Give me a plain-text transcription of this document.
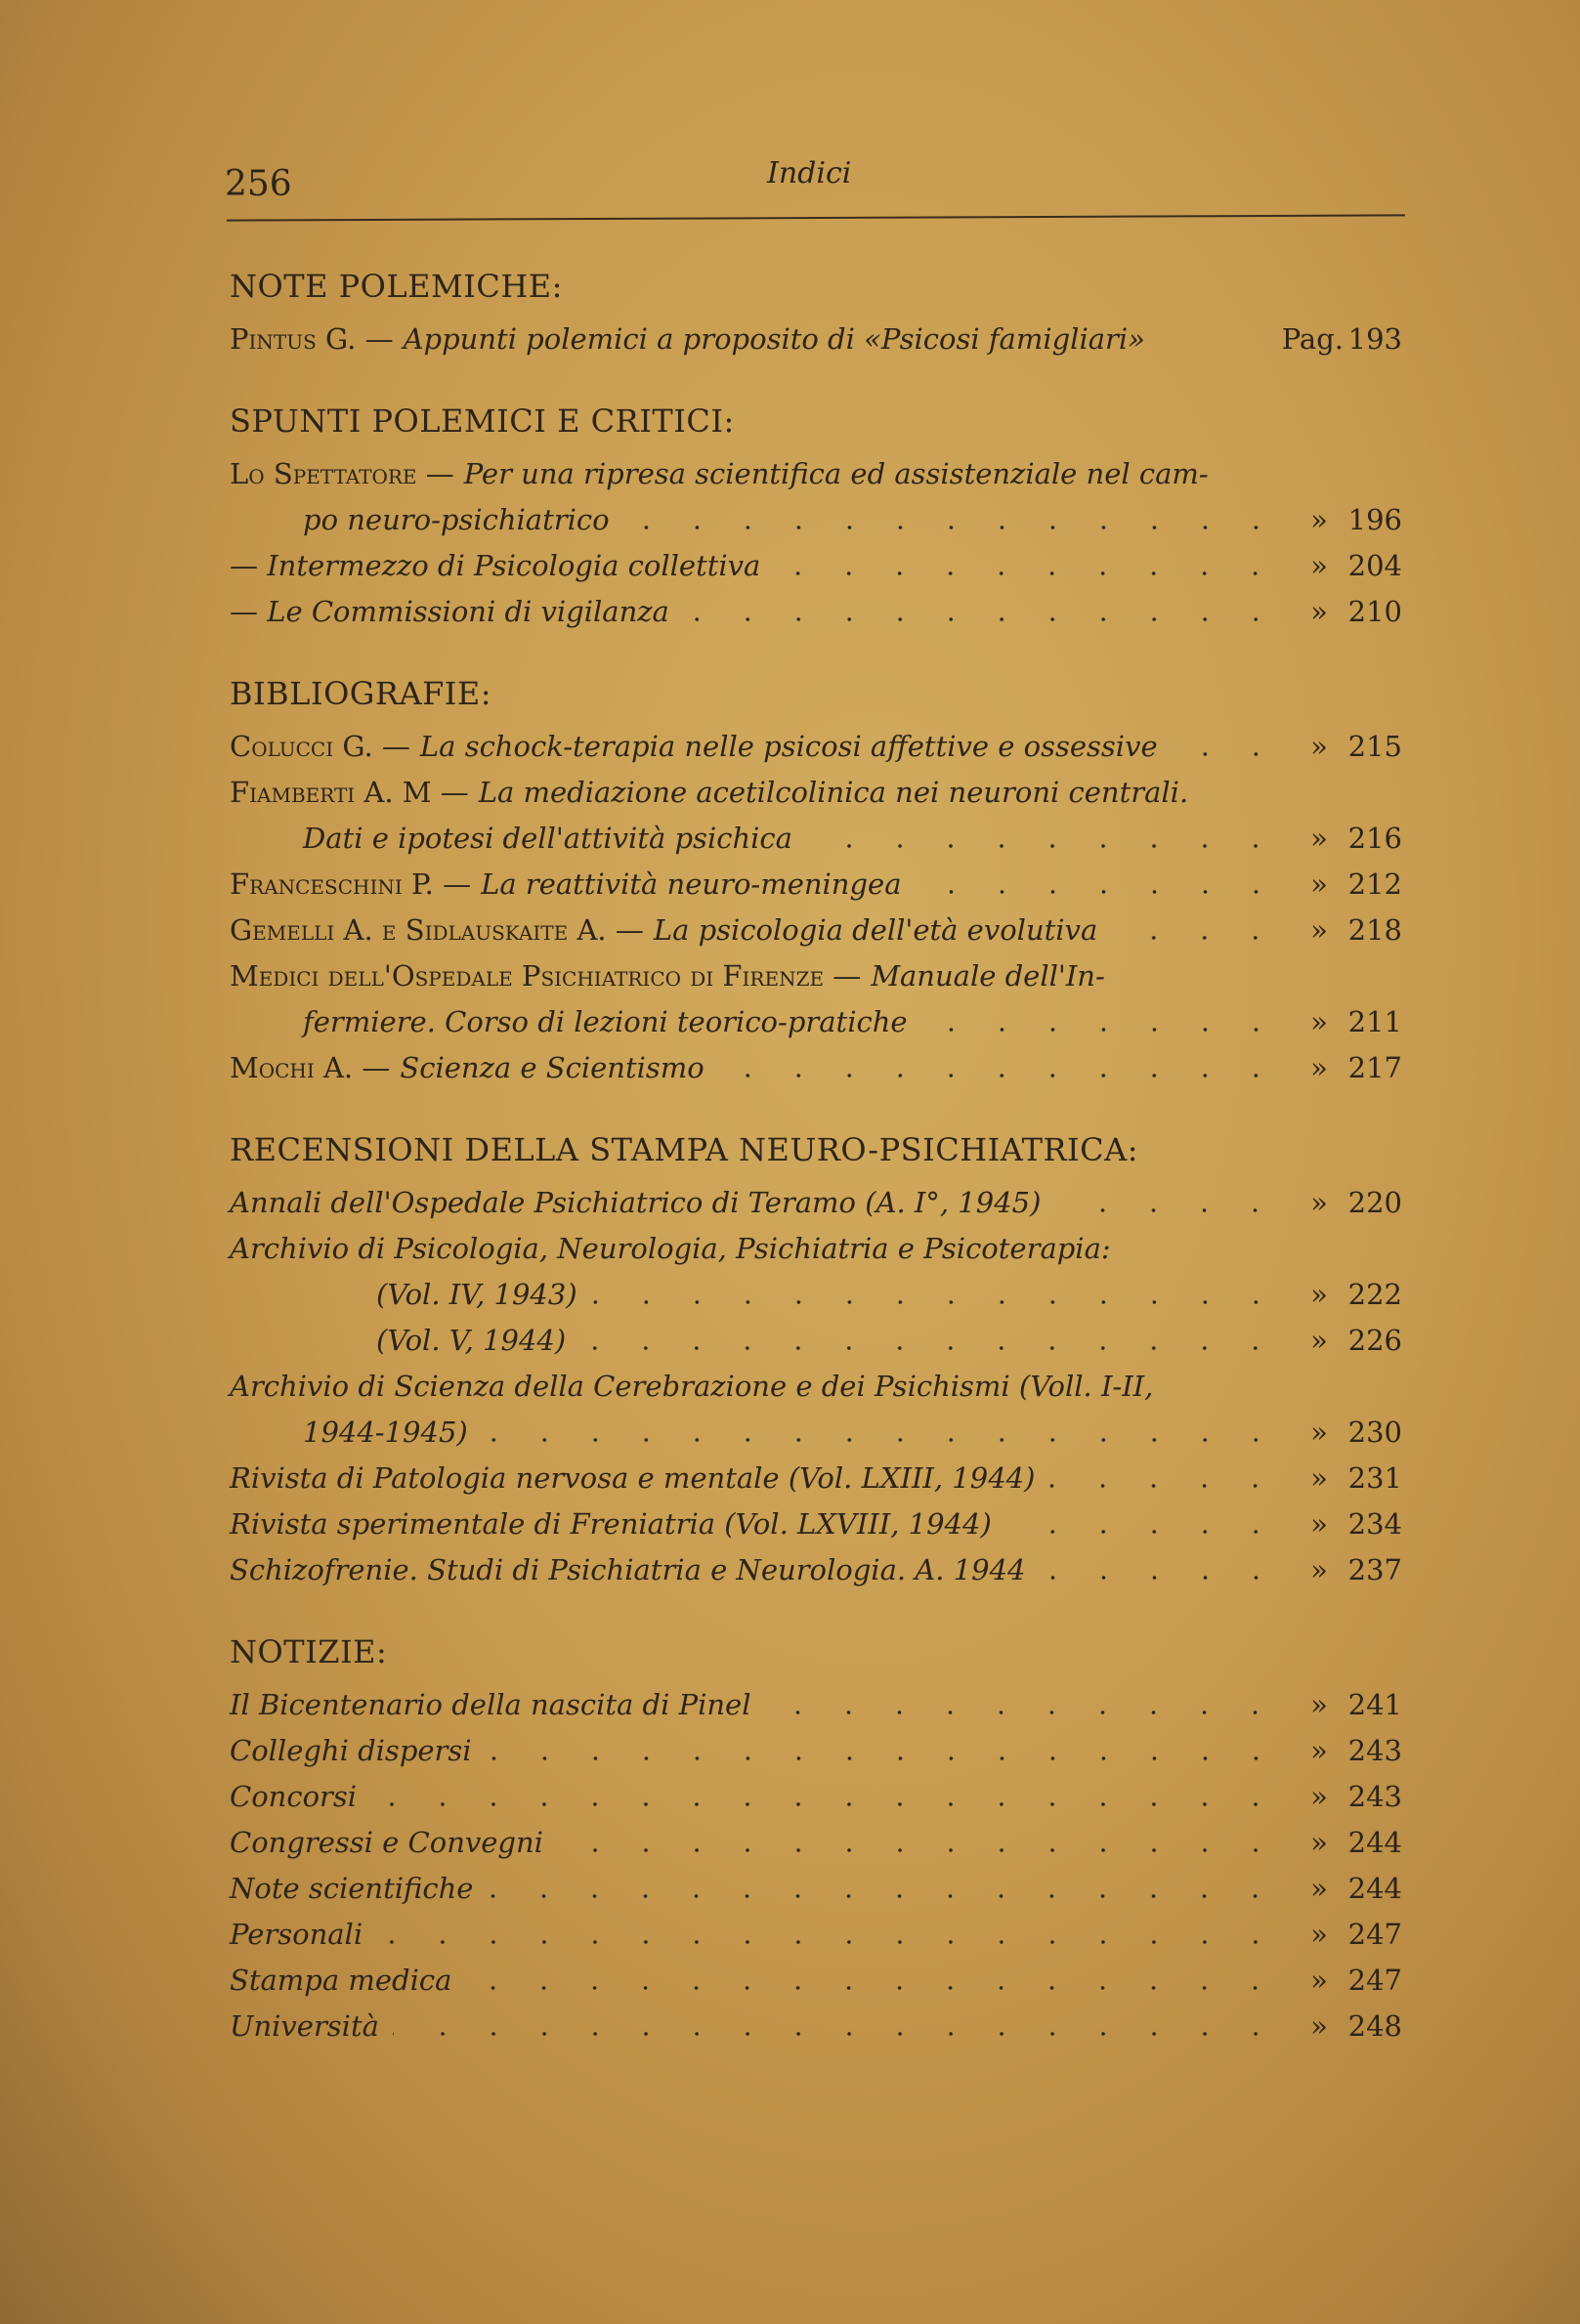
256	Indici
NOTE POLEMICHE:
Pintus G. — Appunti polemici a proposito di «Psicosi famigliari»	Pag. 193
SPUNTI POLEMICI E CRITICI:
Lo Spettatore — Per una ripresa scientifica ed assistenziale nel cam-
po neuro-psichiatrico	» 196
— Intermezzo di Psicologia collettiva	» 204
— Le Commissioni di vigilanza	» 210
BIBLIOGRAFIE:
Colucci G. — La schock-terapia nelle psicosi affettive e ossessive	» 215
Fiamberti A. M — La mediazione acetilcolinica nei neuroni centrali.
Dati e ipotesi dell'attività psichica	» 216
Franceschini P. — La reattività neuro-meningea	» 212
Gemelli A. e Sidlauskaite A. — La psicologia dell'età evolutiva	» 218
Medici dell'Ospedale Psichiatrico di Firenze — Manuale dell'In-
fermiere. Corso di lezioni teorico-pratiche	» 211
Mochi A. — Scienza e Scientismo	» 217
RECENSIONI DELLA STAMPA NEURO-PSICHIATRICA:
Annali dell'Ospedale Psichiatrico di Teramo (A. I°, 1945)	» 220
Archivio di Psicologia, Neurologia, Psichiatria e Psicoterapia:
(Vol. IV, 1943)	» 222
(Vol. V, 1944)	» 226
Archivio di Scienza della Cerebrazione e dei Psichismi (Voll. I-II,
1944-1945)	» 230
Rivista di Patologia nervosa e mentale (Vol. LXIII, 1944)	» 231
Rivista sperimentale di Freniatria (Vol. LXVIII, 1944)	» 234
Schizofrenie. Studi di Psichiatria e Neurologia. A. 1944	» 237
NOTIZIE:
Il Bicentenario della nascita di Pinel	» 241
Colleghi dispersi	» 243
Concorsi	» 243
Congressi e Convegni	» 244
Note scientifiche	» 244
Personali	» 247
Stampa medica	» 247
Università	» 248
